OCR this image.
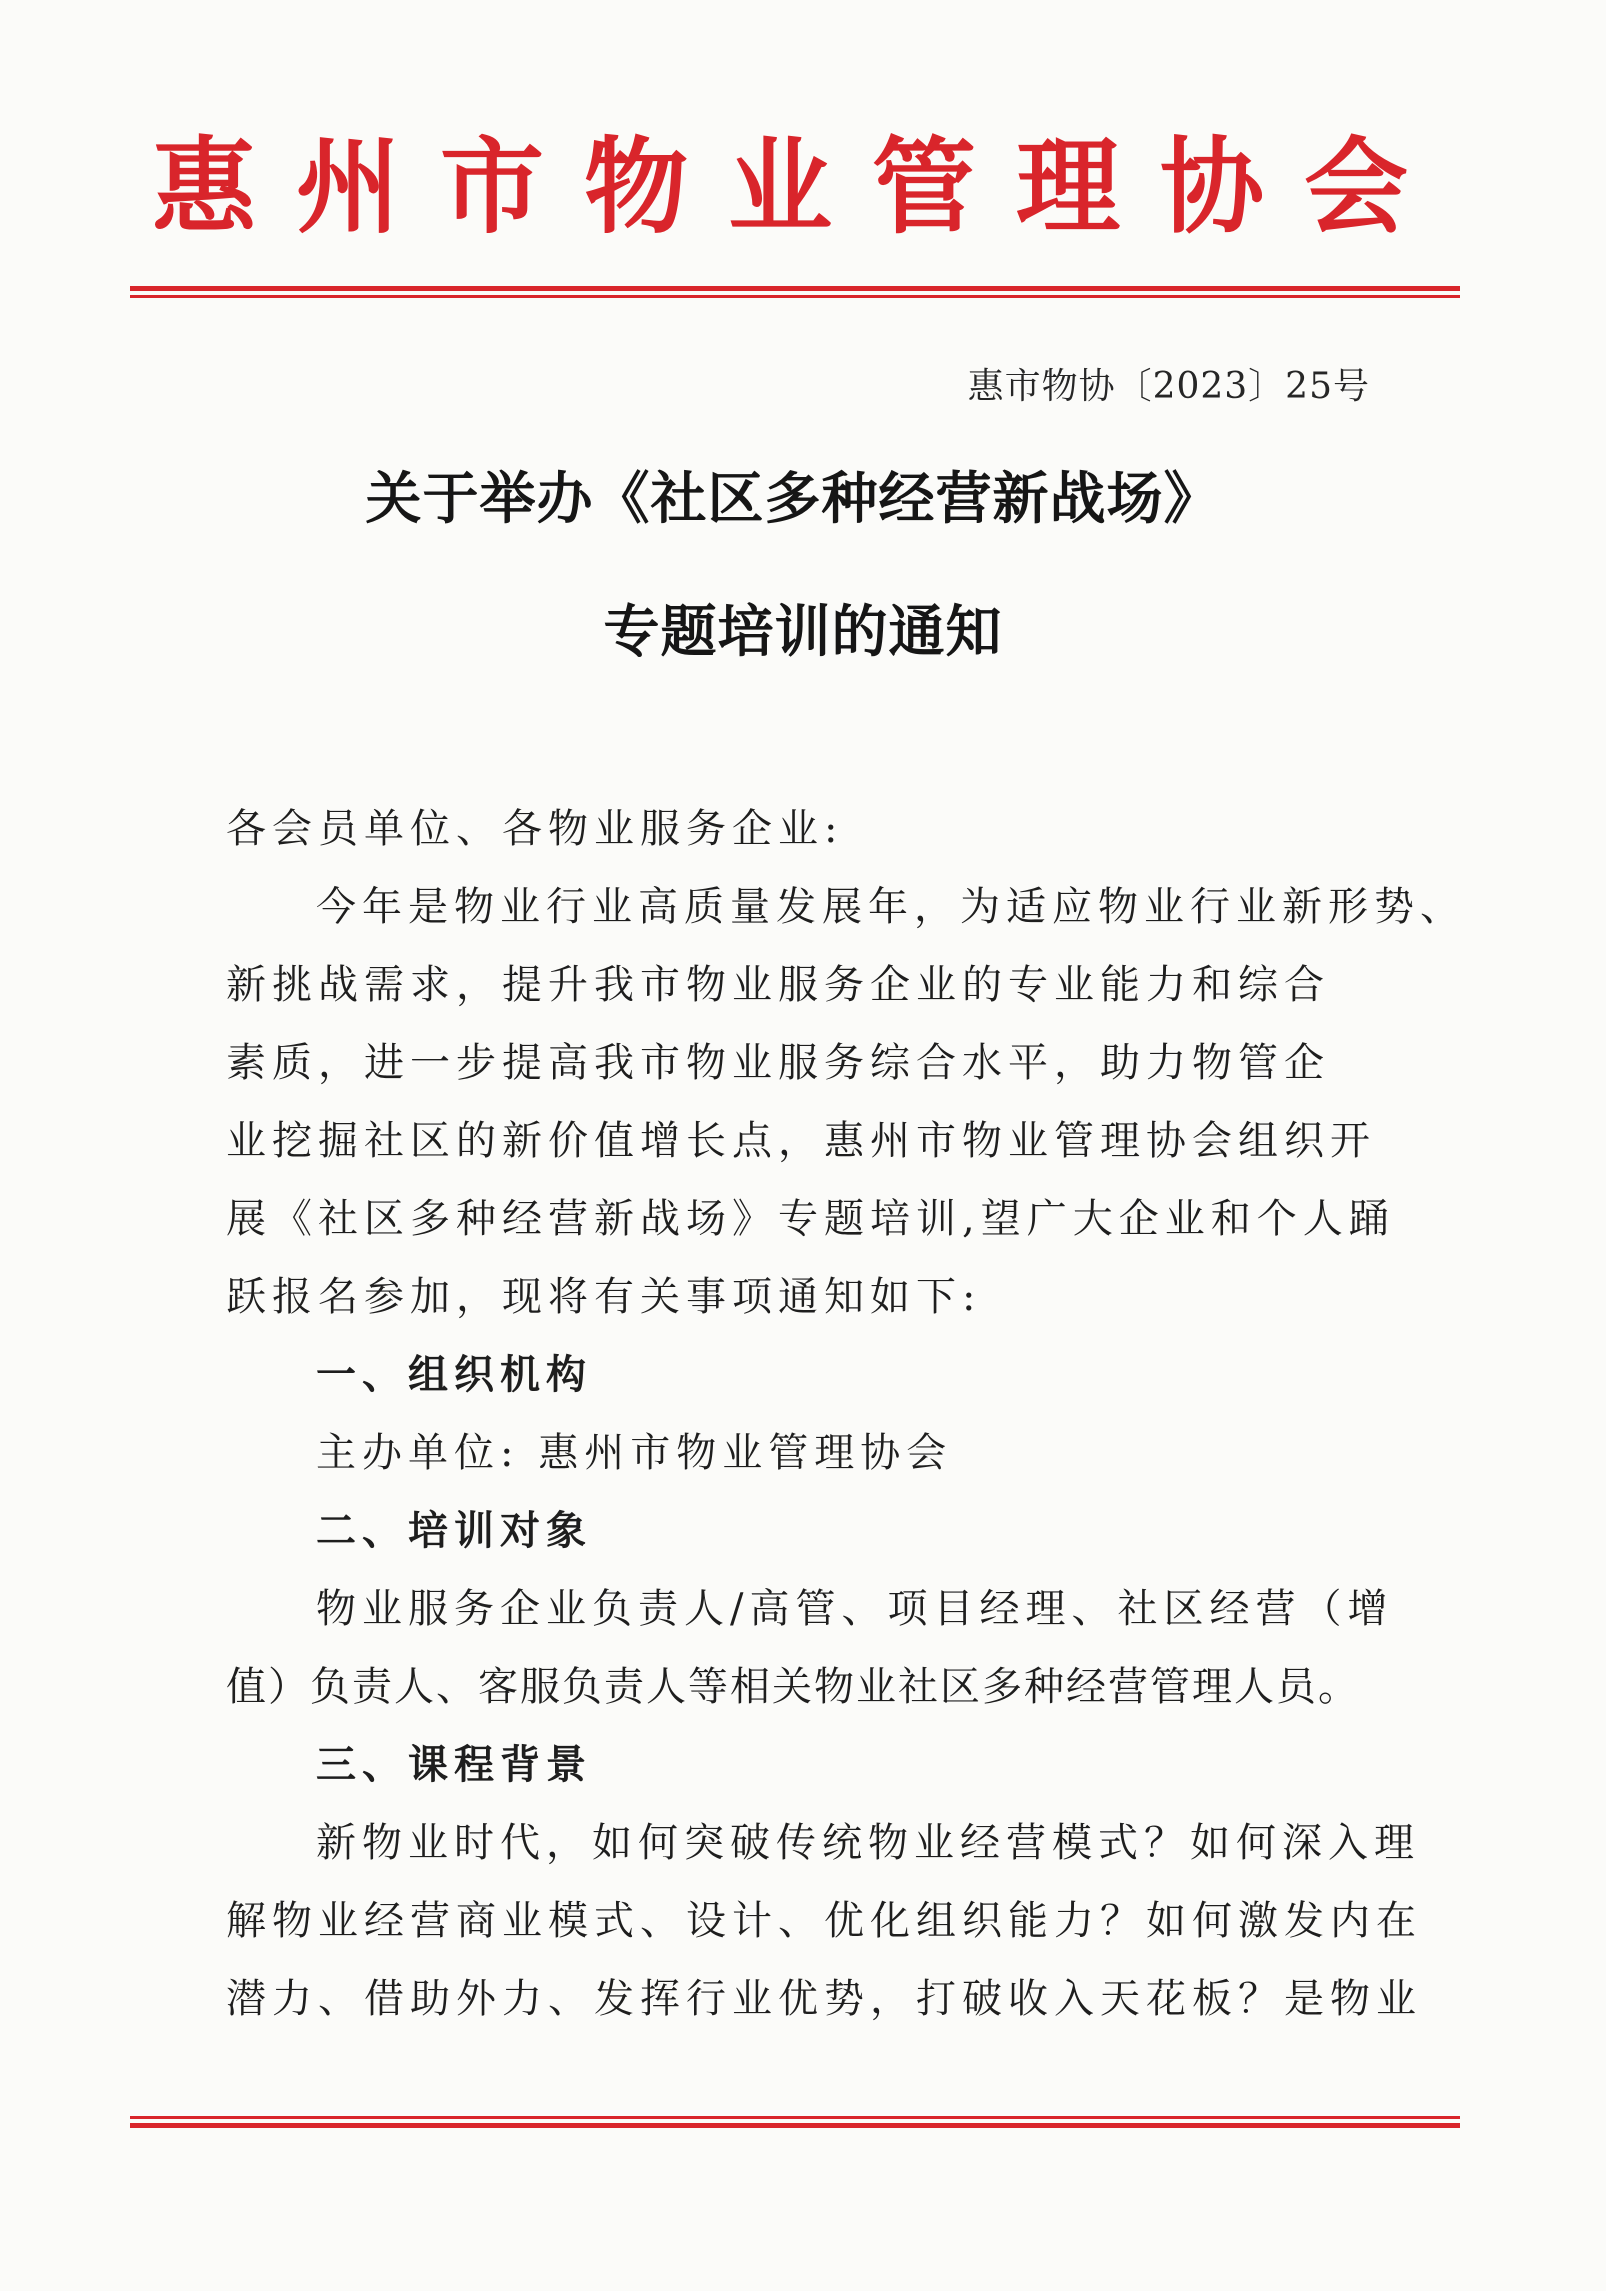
惠州市物业管理协会
惠市物协〔2023〕25号
关于举办《社区多种经营新战场》
专题培训的通知
各会员单位、各物业服务企业:
今年是物业行业高质量发展年，为适应物业行业新形势、
新挑战需求，提升我市物业服务企业的专业能力和综合
素质，进一步提高我市物业服务综合水平，助力物管企
业挖掘社区的新价值增长点，惠州市物业管理协会组织开
展《社区多种经营新战场》专题培训,望广大企业和个人踊
跃报名参加，现将有关事项通知如下:
一、组织机构
主办单位: 惠州市物业管理协会
二、培训对象
物业服务企业负责人/高管、项目经理、社区经营（增
值）负责人、客服负责人等相关物业社区多种经营管理人员。
三、课程背景
新物业时代，如何突破传统物业经营模式？如何深入理
解物业经营商业模式、设计、优化组织能力？如何激发内在
潜力、借助外力、发挥行业优势，打破收入天花板？是物业
